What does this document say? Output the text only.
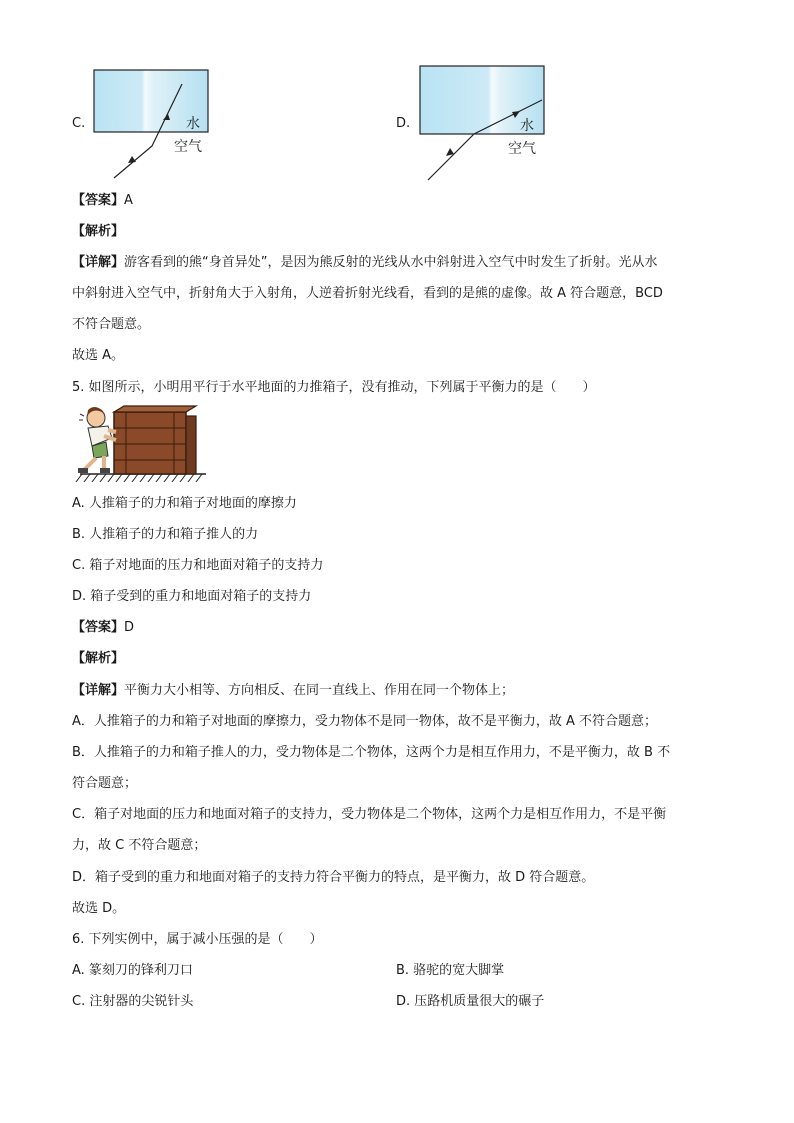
C.	水
空气
D.	水
空气
【答案】A
【解析】
【详解】游客看到的熊“身首异处”，是因为熊反射的光线从水中斜射进入空气中时发生了折射。光从水
中斜射进入空气中，折射角大于入射角，人逆着折射光线看，看到的是熊的虚像。故 A 符合题意，BCD
不符合题意。
故选 A。
5. 如图所示，小明用平行于水平地面的力推箱子，没有推动，下列属于平衡力的是（　　）
A. 人推箱子的力和箱子对地面的摩擦力
B. 人推箱子的力和箱子推人的力
C. 箱子对地面的压力和地面对箱子的支持力
D. 箱子受到的重力和地面对箱子的支持力
【答案】D
【解析】
【详解】平衡力大小相等、方向相反、在同一直线上、作用在同一个物体上；
A．人推箱子的力和箱子对地面的摩擦力，受力物体不是同一物体，故不是平衡力，故 A 不符合题意；
B．人推箱子的力和箱子推人的力，受力物体是二个物体，这两个力是相互作用力，不是平衡力，故 B 不
符合题意；
C．箱子对地面的压力和地面对箱子的支持力，受力物体是二个物体，这两个力是相互作用力，不是平衡
力，故 C 不符合题意；
D．箱子受到的重力和地面对箱子的支持力符合平衡力的特点，是平衡力，故 D 符合题意。
故选 D。
6. 下列实例中，属于减小压强的是（　　）
A. 篆刻刀的锋利刀口	B. 骆驼的宽大脚掌
C. 注射器的尖锐针头	D. 压路机质量很大的碾子
